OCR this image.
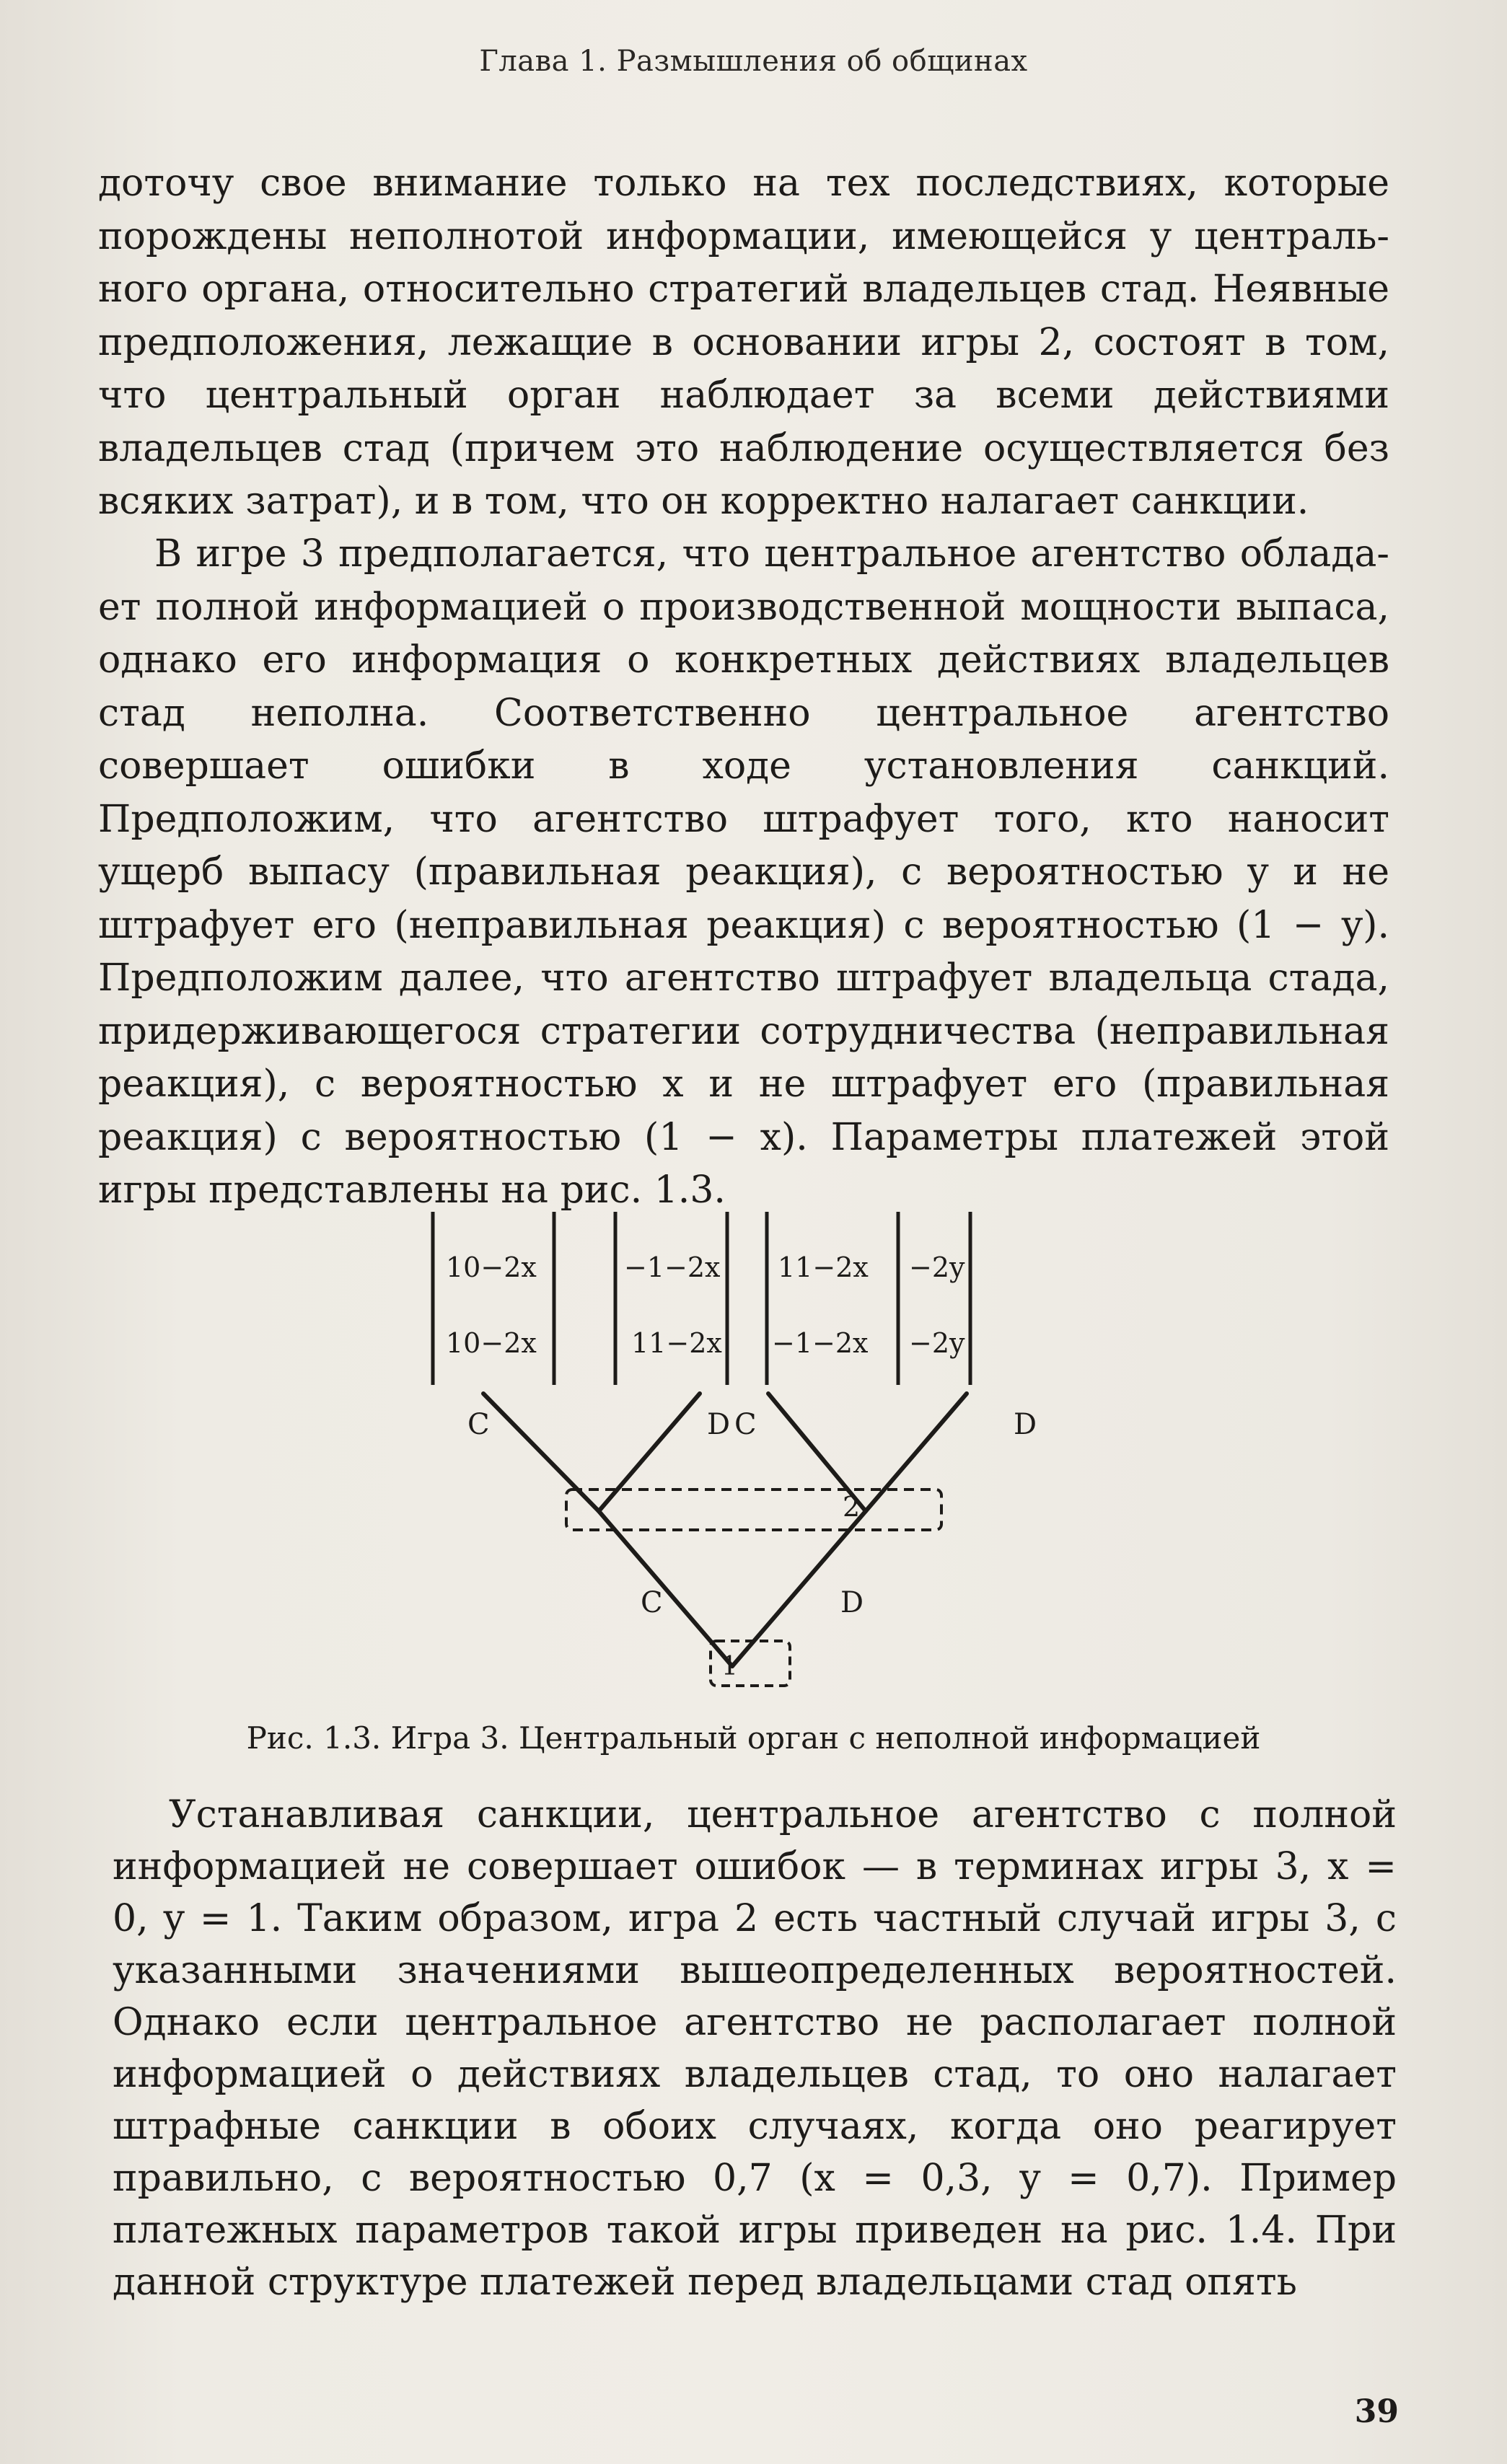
Глава 1. Размышления об общинах

доточу свое внимание только на тех последствиях, которые порождены неполнотой информации, имеющейся у центрального органа, относительно стратегий владельцев стад. Неявные предположения, лежащие в основании игры 2, состоят в том, что центральный орган наблюдает за всеми действиями владельцев стад (причем это наблюдение осуществляется без всяких затрат), и в том, что он корректно налагает санкции.

В игре 3 предполагается, что центральное агентство обладает полной информацией о производственной мощности выпаса, однако его информация о конкретных действиях владельцев стад неполна. Соответственно центральное агентство совершает ошибки в ходе установления санкций. Предположим, что агентство штрафует того, кто наносит ущерб выпасу (правильная реакция), с вероятностью y и не штрафует его (неправильная реакция) с вероятностью (1 − y). Предположим далее, что агентство штрафует владельца стада, придерживающегося стратегии сотрудничества (неправильная реакция), с вероятностью x и не штрафует его (правильная реакция) с вероятностью (1 − x). Параметры платежей этой игры представлены на рис. 1.3.

10−2x
10−2x
−1−2x
11−2x
11−2x
−1−2x
−2y
−2y
C	D C	D
C	D
2
1
Рис. 1.3. Игра 3. Центральный орган с неполной информацией

Устанавливая санкции, центральное агентство с полной информацией не совершает ошибок — в терминах игры 3, x = 0, y = 1. Таким образом, игра 2 есть частный случай игры 3, с указанными значениями вышеопределенных вероятностей. Однако если центральное агентство не располагает полной информацией о действиях владельцев стад, то оно налагает штрафные санкции в обоих случаях, когда оно реагирует правильно, с вероятностью 0,7 (x = 0,3, y = 0,7). Пример платежных параметров такой игры приведен на рис. 1.4. При данной структуре платежей перед владельцами стад опять

39
